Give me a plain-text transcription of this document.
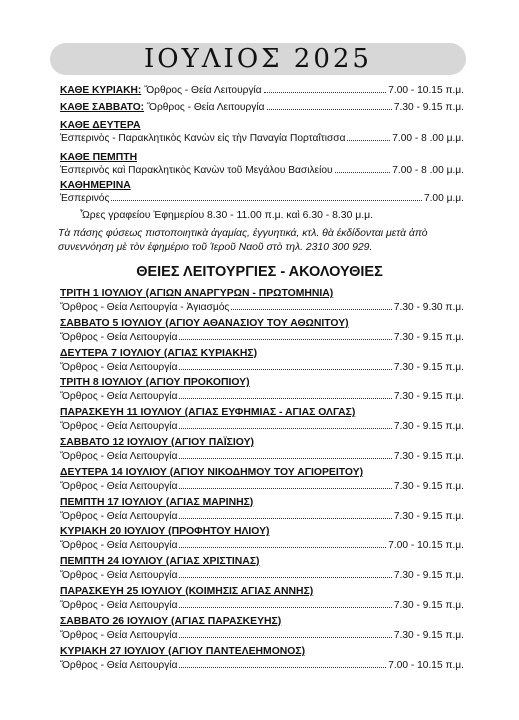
ΙΟΥΛΙΟΣ 2025
ΚΑΘΕ ΚΥΡΙΑΚΗ: Ὄρθρος - Θεία Λειτουργία	7.00 - 10.15 π.μ.
ΚΑΘΕ ΣΑΒΒΑΤΟ: Ὄρθρος - Θεία Λειτουργία	7.30 - 9.15 π.μ.
ΚΑΘΕ ΔΕΥΤΕΡΑ
Ἑσπερινὸς - Παρακλητικὸς Κανὼν εἰς τὴν Παναγία Πορταΐτισσα	7.00 - 8 .00 μ.μ.
ΚΑΘΕ ΠΕΜΠΤΗ
Ἑσπερινὸς καὶ Παρακλητικὸς Κανὼν τοῦ Μεγάλου Βασιλείου	7.00 - 8 .00 μ.μ.
ΚΑΘΗΜΕΡΙΝΑ
Ἑσπερινός	7.00 μ.μ.
Ὧρες γραφείου Ἐφημερίου 8.30 - 11.00 π.μ. καὶ 6.30 - 8.30 μ.μ.
Τὰ πάσης φύσεως πιστοποιητικὰ ἀγαμίας, ἐγγυητικά, κτλ. θὰ ἐκδίδονται μετὰ ἀπὸ συνεννόηση μὲ τὸν ἐφημέριο τοῦ Ἱεροῦ Ναοῦ στὸ τηλ. 2310 300 929.
ΘΕΙΕΣ ΛΕΙΤΟΥΡΓΙΕΣ - ΑΚΟΛΟΥΘΙΕΣ
ΤΡΙΤΗ 1 ΙΟΥΛΙΟΥ (ΑΓΙΩΝ ΑΝΑΡΓΥΡΩΝ - ΠΡΩΤΟΜΗΝΙΑ)
Ὄρθρος - Θεία Λειτουργία - Ἁγιασμός	7.30 - 9.30 π.μ.
ΣΑΒΒΑΤΟ 5 ΙΟΥΛΙΟΥ (ΑΓΙΟΥ ΑΘΑΝΑΣΙΟΥ ΤΟΥ ΑΘΩΝΙΤΟΥ)
Ὄρθρος - Θεία Λειτουργία	7.30 - 9.15 π.μ.
ΔΕΥΤΕΡΑ 7 ΙΟΥΛΙΟΥ (ΑΓΙΑΣ ΚΥΡΙΑΚΗΣ)
Ὄρθρος - Θεία Λειτουργία	7.30 - 9.15 π.μ.
ΤΡΙΤΗ 8 ΙΟΥΛΙΟΥ (ΑΓΙΟΥ ΠΡΟΚΟΠΙΟΥ)
Ὄρθρος - Θεία Λειτουργία	7.30 - 9.15 π.μ.
ΠΑΡΑΣΚΕΥΗ 11 ΙΟΥΛΙΟΥ (ΑΓΙΑΣ ΕΥΦΗΜΙΑΣ - ΑΓΙΑΣ ΟΛΓΑΣ)
Ὄρθρος - Θεία Λειτουργία	7.30 - 9.15 π.μ.
ΣΑΒΒΑΤΟ 12 ΙΟΥΛΙΟΥ (ΑΓΙΟΥ ΠΑΪΣΙΟΥ)
Ὄρθρος - Θεία Λειτουργία	7.30 - 9.15 π.μ.
ΔΕΥΤΕΡΑ 14 ΙΟΥΛΙΟΥ (ΑΓΙΟΥ ΝΙΚΟΔΗΜΟΥ ΤΟΥ ΑΓΙΟΡΕΙΤΟΥ)
Ὄρθρος - Θεία Λειτουργία	7.30 - 9.15 π.μ.
ΠΕΜΠΤΗ 17 ΙΟΥΛΙΟΥ (ΑΓΙΑΣ ΜΑΡΙΝΗΣ)
Ὄρθρος - Θεία Λειτουργία	7.30 - 9.15 π.μ.
ΚΥΡΙΑΚΗ 20 ΙΟΥΛΙΟΥ (ΠΡΟΦΗΤΟΥ ΗΛΙΟΥ)
Ὄρθρος - Θεία Λειτουργία	7.00 - 10.15 π.μ.
ΠΕΜΠΤΗ 24 ΙΟΥΛΙΟΥ (ΑΓΙΑΣ ΧΡΙΣΤΙΝΑΣ)
Ὄρθρος - Θεία Λειτουργία	7.30 - 9.15 π.μ.
ΠΑΡΑΣΚΕΥΗ 25 ΙΟΥΛΙΟΥ (ΚΟΙΜΗΣΙΣ ΑΓΙΑΣ ΑΝΝΗΣ)
Ὄρθρος - Θεία Λειτουργία	7.30 - 9.15 π.μ.
ΣΑΒΒΑΤΟ 26 ΙΟΥΛΙΟΥ (ΑΓΙΑΣ ΠΑΡΑΣΚΕΥΗΣ)
Ὄρθρος - Θεία Λειτουργία	7.30 - 9.15 π.μ.
ΚΥΡΙΑΚΗ 27 ΙΟΥΛΙΟΥ (ΑΓΙΟΥ ΠΑΝΤΕΛΕΗΜΟΝΟΣ)
Ὄρθρος - Θεία Λειτουργία	7.00 - 10.15 π.μ.
